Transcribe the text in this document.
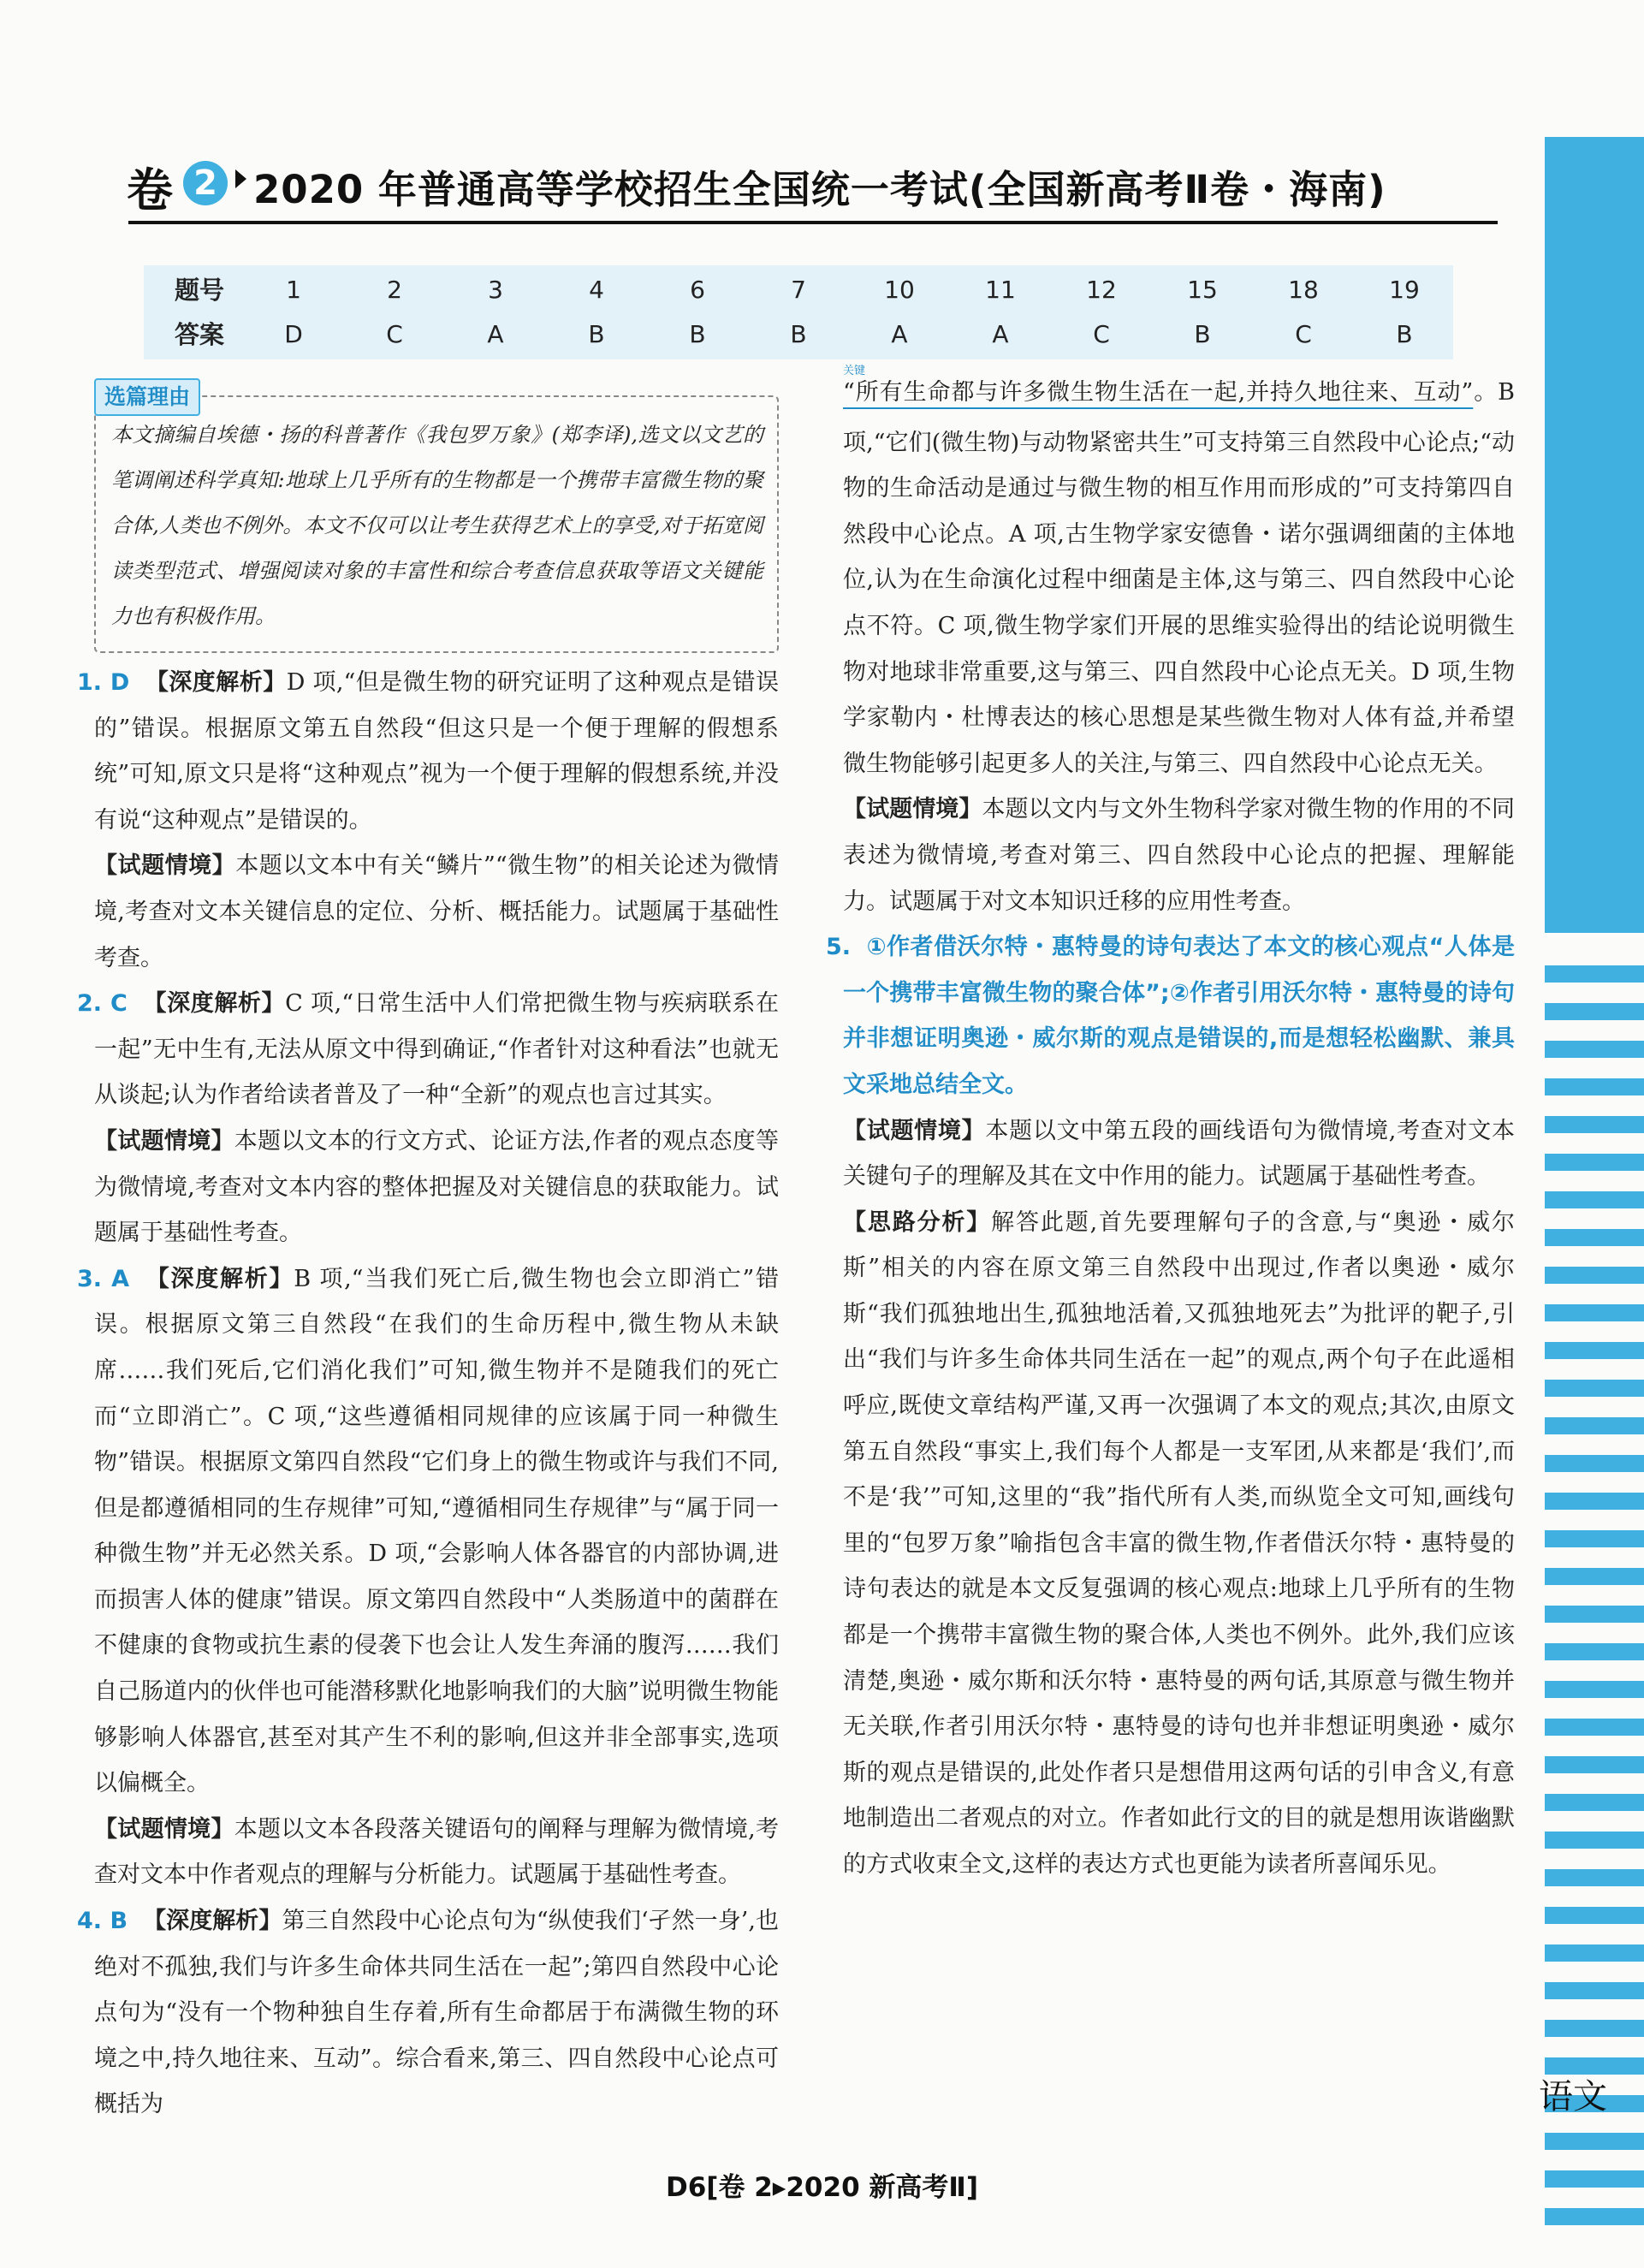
语文
卷 2 2020 年普通高等学校招生全国统一考试(全国新高考Ⅱ卷・海南)
题号	1	2	3	4	6	7	10	11	12	15	18	19
答案	D	C	A	B	B	B	A	A	C	B	C	B
选篇理由

本文摘编自埃德・扬的科普著作《我包罗万象》(郑李译),选文以文艺的笔调阐述科学真知:地球上几乎所有的生物都是一个携带丰富微生物的聚合体,人类也不例外。本文不仅可以让考生获得艺术上的享受,对于拓宽阅读类型范式、增强阅读对象的丰富性和综合考查信息获取等语文关键能力也有积极作用。

1. D 【深度解析】D 项,“但是微生物的研究证明了这种观点是错误的”错误。根据原文第五自然段“但这只是一个便于理解的假想系统”可知,原文只是将“这种观点”视为一个便于理解的假想系统,并没有说“这种观点”是错误的。

【试题情境】本题以文本中有关“鳞片”“微生物”的相关论述为微情境,考查对文本关键信息的定位、分析、概括能力。试题属于基础性考查。

2. C 【深度解析】C 项,“日常生活中人们常把微生物与疾病联系在一起”无中生有,无法从原文中得到确证,“作者针对这种看法”也就无从谈起;认为作者给读者普及了一种“全新”的观点也言过其实。

【试题情境】本题以文本的行文方式、论证方法,作者的观点态度等为微情境,考查对文本内容的整体把握及对关键信息的获取能力。试题属于基础性考查。

3. A 【深度解析】B 项,“当我们死亡后,微生物也会立即消亡”错误。根据原文第三自然段“在我们的生命历程中,微生物从未缺席……我们死后,它们消化我们”可知,微生物并不是随我们的死亡而“立即消亡”。C 项,“这些遵循相同规律的应该属于同一种微生物”错误。根据原文第四自然段“它们身上的微生物或许与我们不同,但是都遵循相同的生存规律”可知,“遵循相同生存规律”与“属于同一种微生物”并无必然关系。D 项,“会影响人体各器官的内部协调,进而损害人体的健康”错误。原文第四自然段中“人类肠道中的菌群在不健康的食物或抗生素的侵袭下也会让人发生奔涌的腹泻……我们自己肠道内的伙伴也可能潜移默化地影响我们的大脑”说明微生物能够影响人体器官,甚至对其产生不利的影响,但这并非全部事实,选项以偏概全。

【试题情境】本题以文本各段落关键语句的阐释与理解为微情境,考查对文本中作者观点的理解与分析能力。试题属于基础性考查。

4. B 【深度解析】第三自然段中心论点句为“纵使我们‘孑然一身’,也绝对不孤独,我们与许多生命体共同生活在一起”;第四自然段中心论点句为“没有一个物种独自生存着,所有生命都居于布满微生物的环境之中,持久地往来、互动”。综合看来,第三、四自然段中心论点可概括为

关键“所有生命都与许多微生物生活在一起,并持久地往来、互动”。B 项,“它们(微生物)与动物紧密共生”可支持第三自然段中心论点;“动物的生命活动是通过与微生物的相互作用而形成的”可支持第四自然段中心论点。A 项,古生物学家安德鲁・诺尔强调细菌的主体地位,认为在生命演化过程中细菌是主体,这与第三、四自然段中心论点不符。C 项,微生物学家们开展的思维实验得出的结论说明微生物对地球非常重要,这与第三、四自然段中心论点无关。D 项,生物学家勒内・杜博表达的核心思想是某些微生物对人体有益,并希望微生物能够引起更多人的关注,与第三、四自然段中心论点无关。

【试题情境】本题以文内与文外生物科学家对微生物的作用的不同表述为微情境,考查对第三、四自然段中心论点的把握、理解能力。试题属于对文本知识迁移的应用性考查。

5. ①作者借沃尔特・惠特曼的诗句表达了本文的核心观点“人体是一个携带丰富微生物的聚合体”;②作者引用沃尔特・惠特曼的诗句并非想证明奥逊・威尔斯的观点是错误的,而是想轻松幽默、兼具文采地总结全文。

【试题情境】本题以文中第五段的画线语句为微情境,考查对文本关键句子的理解及其在文中作用的能力。试题属于基础性考查。

【思路分析】解答此题,首先要理解句子的含意,与“奥逊・威尔斯”相关的内容在原文第三自然段中出现过,作者以奥逊・威尔斯“我们孤独地出生,孤独地活着,又孤独地死去”为批评的靶子,引出“我们与许多生命体共同生活在一起”的观点,两个句子在此遥相呼应,既使文章结构严谨,又再一次强调了本文的观点;其次,由原文第五自然段“事实上,我们每个人都是一支军团,从来都是‘我们’,而不是‘我’”可知,这里的“我”指代所有人类,而纵览全文可知,画线句里的“包罗万象”喻指包含丰富的微生物,作者借沃尔特・惠特曼的诗句表达的就是本文反复强调的核心观点:地球上几乎所有的生物都是一个携带丰富微生物的聚合体,人类也不例外。此外,我们应该清楚,奥逊・威尔斯和沃尔特・惠特曼的两句话,其原意与微生物并无关联,作者引用沃尔特・惠特曼的诗句也并非想证明奥逊・威尔斯的观点是错误的,此处作者只是想借用这两句话的引申含义,有意地制造出二者观点的对立。作者如此行文的目的就是想用诙谐幽默的方式收束全文,这样的表达方式也更能为读者所喜闻乐见。

D6[卷 2▸2020 新高考Ⅱ]
